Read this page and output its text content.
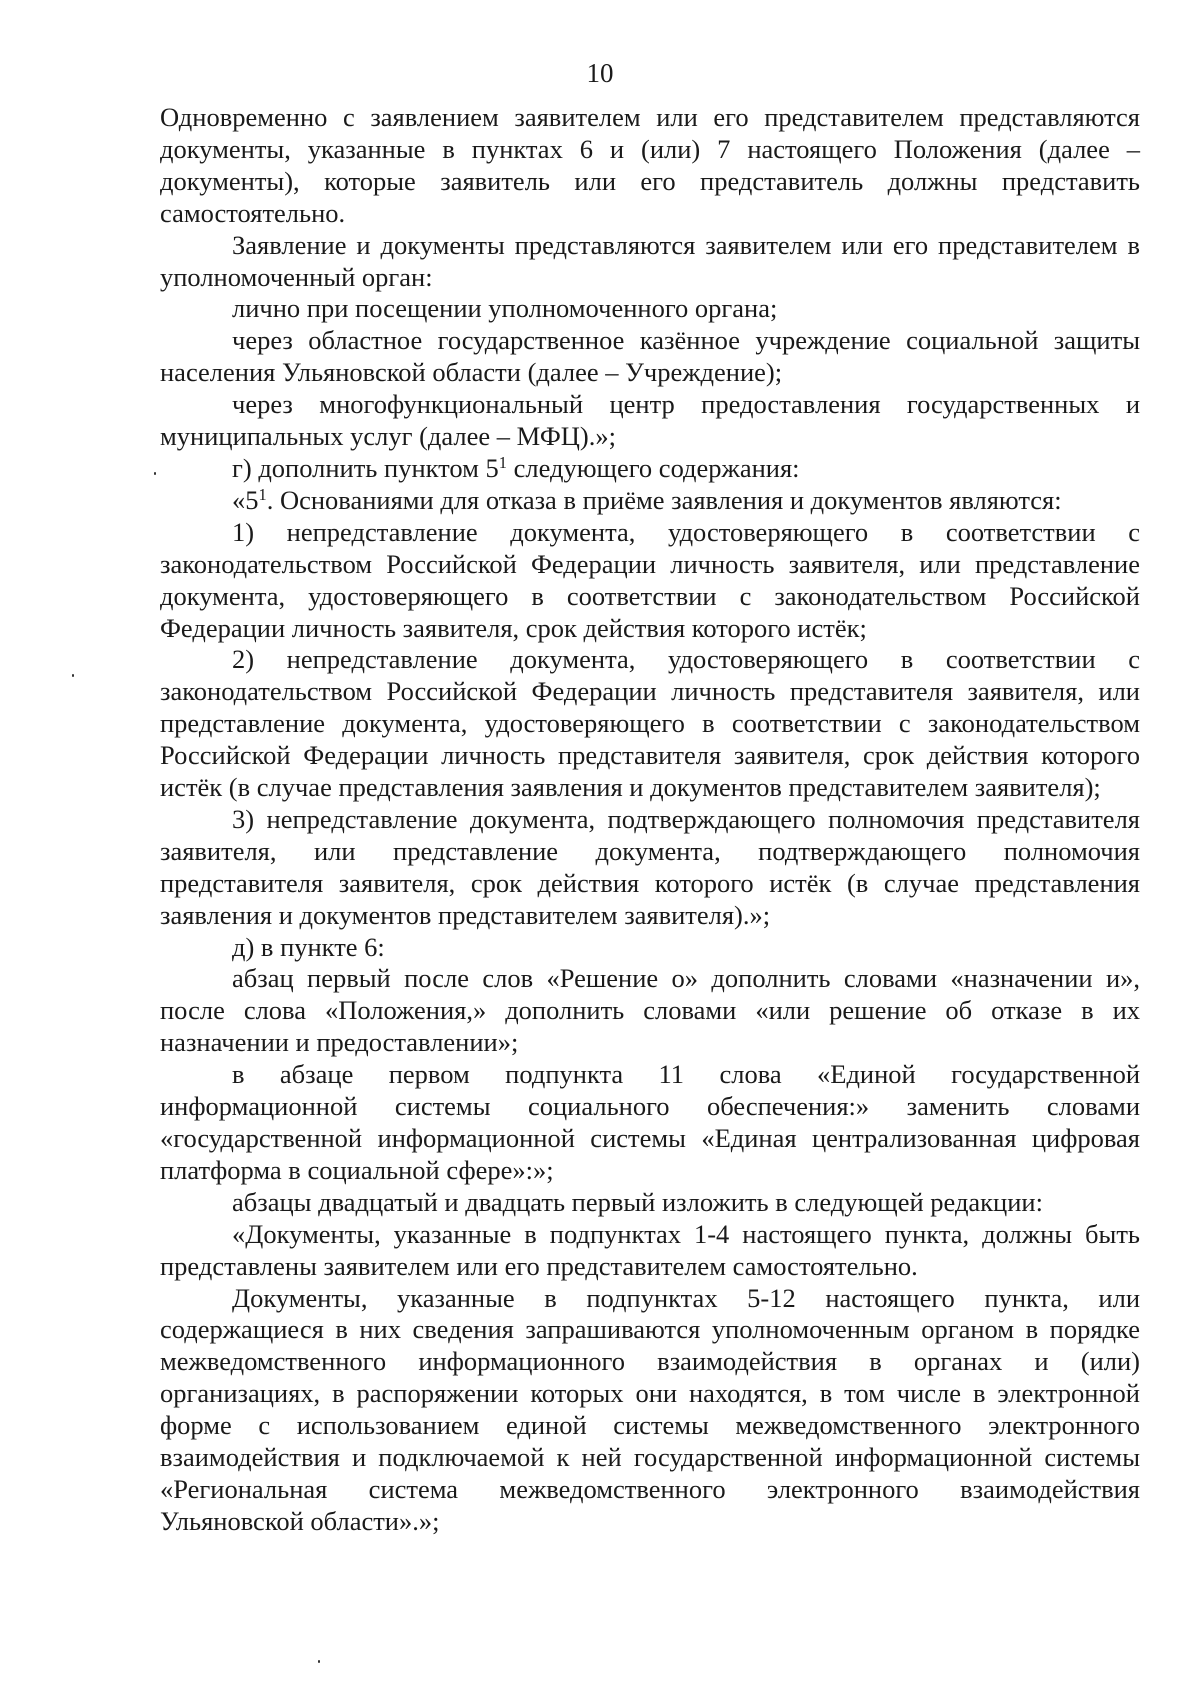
10

Одновременно с заявлением заявителем или его представителем представляются документы, указанные в пунктах 6 и (или) 7 настоящего Положения (далее – документы), которые заявитель или его представитель должны представить самостоятельно.

Заявление и документы представляются заявителем или его представителем в уполномоченный орган:

лично при посещении уполномоченного органа;

через областное государственное казённое учреждение социальной защиты населения Ульяновской области (далее – Учреждение);

через многофункциональный центр предоставления государственных и муниципальных услуг (далее – МФЦ).»;

г) дополнить пунктом $5^1$ следующего содержания:

«$5^1$. Основаниями для отказа в приёме заявления и документов являются:

1) непредставление документа, удостоверяющего в соответствии с законодательством Российской Федерации личность заявителя, или представление документа, удостоверяющего в соответствии с законодательством Российской Федерации личность заявителя, срок действия которого истёк;

2) непредставление документа, удостоверяющего в соответствии с законодательством Российской Федерации личность представителя заявителя, или представление документа, удостоверяющего в соответствии с законодательством Российской Федерации личность представителя заявителя, срок действия которого истёк (в случае представления заявления и документов представителем заявителя);

3) непредставление документа, подтверждающего полномочия представителя заявителя, или представление документа, подтверждающего полномочия представителя заявителя, срок действия которого истёк (в случае представления заявления и документов представителем заявителя).»;

д) в пункте 6:

абзац первый после слов «Решение о» дополнить словами «назначении и», после слова «Положения,» дополнить словами «или решение об отказе в их назначении и предоставлении»;

в абзаце первом подпункта 11 слова «Единой государственной информационной системы социального обеспечения:» заменить словами «государственной информационной системы «Единая централизованная цифровая платформа в социальной сфере»:»;

абзацы двадцатый и двадцать первый изложить в следующей редакции:

«Документы, указанные в подпунктах 1-4 настоящего пункта, должны быть представлены заявителем или его представителем самостоятельно.

Документы, указанные в подпунктах 5-12 настоящего пункта, или содержащиеся в них сведения запрашиваются уполномоченным органом в порядке межведомственного информационного взаимодействия в органах и (или) организациях, в распоряжении которых они находятся, в том числе в электронной форме с использованием единой системы межведомственного электронного взаимодействия и подключаемой к ней государственной информационной системы «Региональная система межведомственного электронного взаимодействия Ульяновской области».»;
